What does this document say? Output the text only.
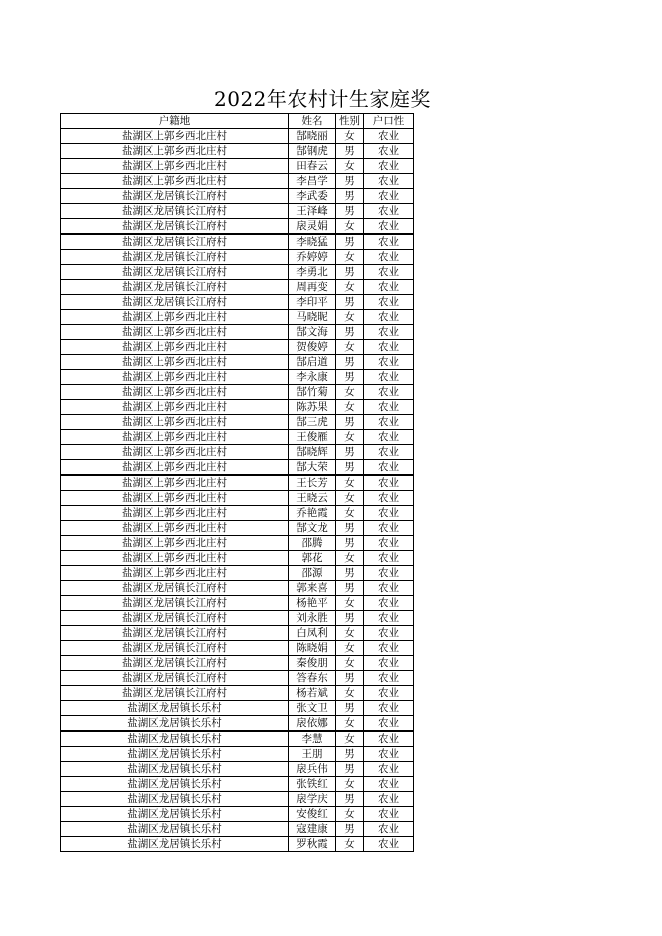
2022年农村计生家庭奖
户籍地	姓名	性别	户口性
盐湖区上郭乡西北庄村	郜晓丽	女	农业
盐湖区上郭乡西北庄村	郜钢虎	男	农业
盐湖区上郭乡西北庄村	田春云	女	农业
盐湖区上郭乡西北庄村	李昌学	男	农业
盐湖区龙居镇长江府村	李武委	男	农业
盐湖区龙居镇长江府村	王泽峰	男	农业
盐湖区龙居镇长江府村	扆灵娟	女	农业
盐湖区龙居镇长江府村	李晓猛	男	农业
盐湖区龙居镇长江府村	乔婷婷	女	农业
盐湖区龙居镇长江府村	李勇北	男	农业
盐湖区龙居镇长江府村	周再变	女	农业
盐湖区龙居镇长江府村	李印平	男	农业
盐湖区上郭乡西北庄村	马晓昵	女	农业
盐湖区上郭乡西北庄村	郜文海	男	农业
盐湖区上郭乡西北庄村	贺俊婷	女	农业
盐湖区上郭乡西北庄村	郜启道	男	农业
盐湖区上郭乡西北庄村	李永康	男	农业
盐湖区上郭乡西北庄村	郜竹菊	女	农业
盐湖区上郭乡西北庄村	陈苏果	女	农业
盐湖区上郭乡西北庄村	郜三虎	男	农业
盐湖区上郭乡西北庄村	王俊雁	女	农业
盐湖区上郭乡西北庄村	郜晓辉	男	农业
盐湖区上郭乡西北庄村	郜大荣	男	农业
盐湖区上郭乡西北庄村	王长芳	女	农业
盐湖区上郭乡西北庄村	王晓云	女	农业
盐湖区上郭乡西北庄村	乔艳霞	女	农业
盐湖区上郭乡西北庄村	郜文龙	男	农业
盐湖区上郭乡西北庄村	邵腾	男	农业
盐湖区上郭乡西北庄村	郭花	女	农业
盐湖区上郭乡西北庄村	邵源	男	农业
盐湖区龙居镇长江府村	郭来喜	男	农业
盐湖区龙居镇长江府村	杨艳平	女	农业
盐湖区龙居镇长江府村	刘永胜	男	农业
盐湖区龙居镇长江府村	白凤利	女	农业
盐湖区龙居镇长江府村	陈晓娟	女	农业
盐湖区龙居镇长江府村	秦俊朋	女	农业
盐湖区龙居镇长江府村	答春东	男	农业
盐湖区龙居镇长江府村	杨若斌	女	农业
盐湖区龙居镇长乐村	张文卫	男	农业
盐湖区龙居镇长乐村	扆依娜	女	农业
盐湖区龙居镇长乐村	李慧	女	农业
盐湖区龙居镇长乐村	王朋	男	农业
盐湖区龙居镇长乐村	扆兵伟	男	农业
盐湖区龙居镇长乐村	张铁红	女	农业
盐湖区龙居镇长乐村	扆学庆	男	农业
盐湖区龙居镇长乐村	安俊红	女	农业
盐湖区龙居镇长乐村	寇建康	男	农业
盐湖区龙居镇长乐村	罗秋霞	女	农业
